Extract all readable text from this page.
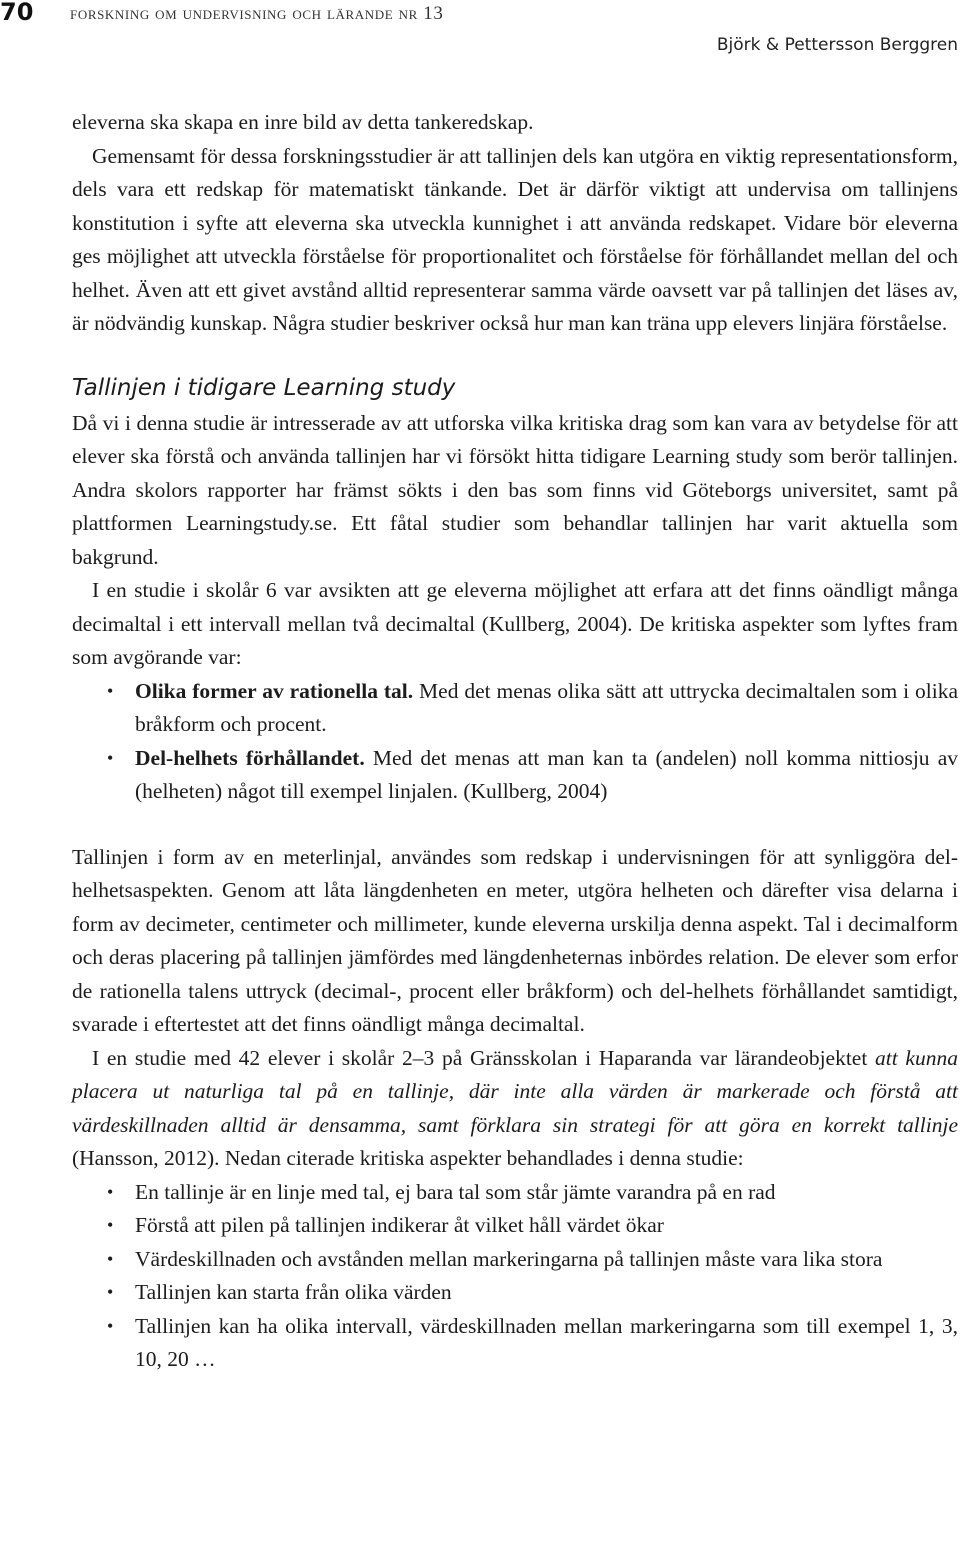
70 forskning om undervisning och lärande nr 13
Björk & Pettersson Berggren

eleverna ska skapa en inre bild av detta tankeredskap.

Gemensamt för dessa forskningsstudier är att tallinjen dels kan utgöra en viktig representationsform, dels vara ett redskap för matematiskt tänkande. Det är därför viktigt att undervisa om tallinjens konstitution i syfte att eleverna ska utveckla kunnighet i att använda redskapet. Vidare bör eleverna ges möjlighet att utveckla förståelse för proportionalitet och förståelse för förhållandet mellan del och helhet. Även att ett givet avstånd alltid representerar samma värde oavsett var på tallinjen det läses av, är nödvändig kunskap. Några studier beskriver också hur man kan träna upp elevers linjära förståelse.

Tallinjen i tidigare Learning study

Då vi i denna studie är intresserade av att utforska vilka kritiska drag som kan vara av betydelse för att elever ska förstå och använda tallinjen har vi försökt hitta tidigare Learning study som berör tallinjen. Andra skolors rapporter har främst sökts i den bas som finns vid Göteborgs universitet, samt på plattformen Learningstudy.se. Ett fåtal studier som behandlar tallinjen har varit aktuella som bakgrund.

I en studie i skolår 6 var avsikten att ge eleverna möjlighet att erfara att det finns oändligt många decimaltal i ett intervall mellan två decimaltal (Kullberg, 2004). De kritiska aspekter som lyftes fram som avgörande var:

• Olika former av rationella tal. Med det menas olika sätt att uttrycka decimaltalen som i olika bråkform och procent.
• Del-helhets förhållandet. Med det menas att man kan ta (andelen) noll komma nittiosju av (helheten) något till exempel linjalen. (Kullberg, 2004)

Tallinjen i form av en meterlinjal, användes som redskap i undervisningen för att synliggöra del-helhetsaspekten. Genom att låta längdenheten en meter, utgöra helheten och därefter visa delarna i form av decimeter, centimeter och millimeter, kunde eleverna urskilja denna aspekt. Tal i decimalform och deras placering på tallinjen jämfördes med längdenheternas inbördes relation. De elever som erfor de rationella talens uttryck (decimal-, procent eller bråkform) och del-helhets förhållandet samtidigt, svarade i eftertestet att det finns oändligt många decimaltal.

I en studie med 42 elever i skolår 2–3 på Gränsskolan i Haparanda var lärandeobjektet att kunna placera ut naturliga tal på en tallinje, där inte alla värden är markerade och förstå att värdeskillnaden alltid är densamma, samt förklara sin strategi för att göra en korrekt tallinje (Hansson, 2012). Nedan citerade kritiska aspekter behandlades i denna studie:

• En tallinje är en linje med tal, ej bara tal som står jämte varandra på en rad
• Förstå att pilen på tallinjen indikerar åt vilket håll värdet ökar
• Värdeskillnaden och avstånden mellan markeringarna på tallinjen måste vara lika stora
• Tallinjen kan starta från olika värden
• Tallinjen kan ha olika intervall, värdeskillnaden mellan markeringarna som till exempel 1, 3, 10, 20 …
